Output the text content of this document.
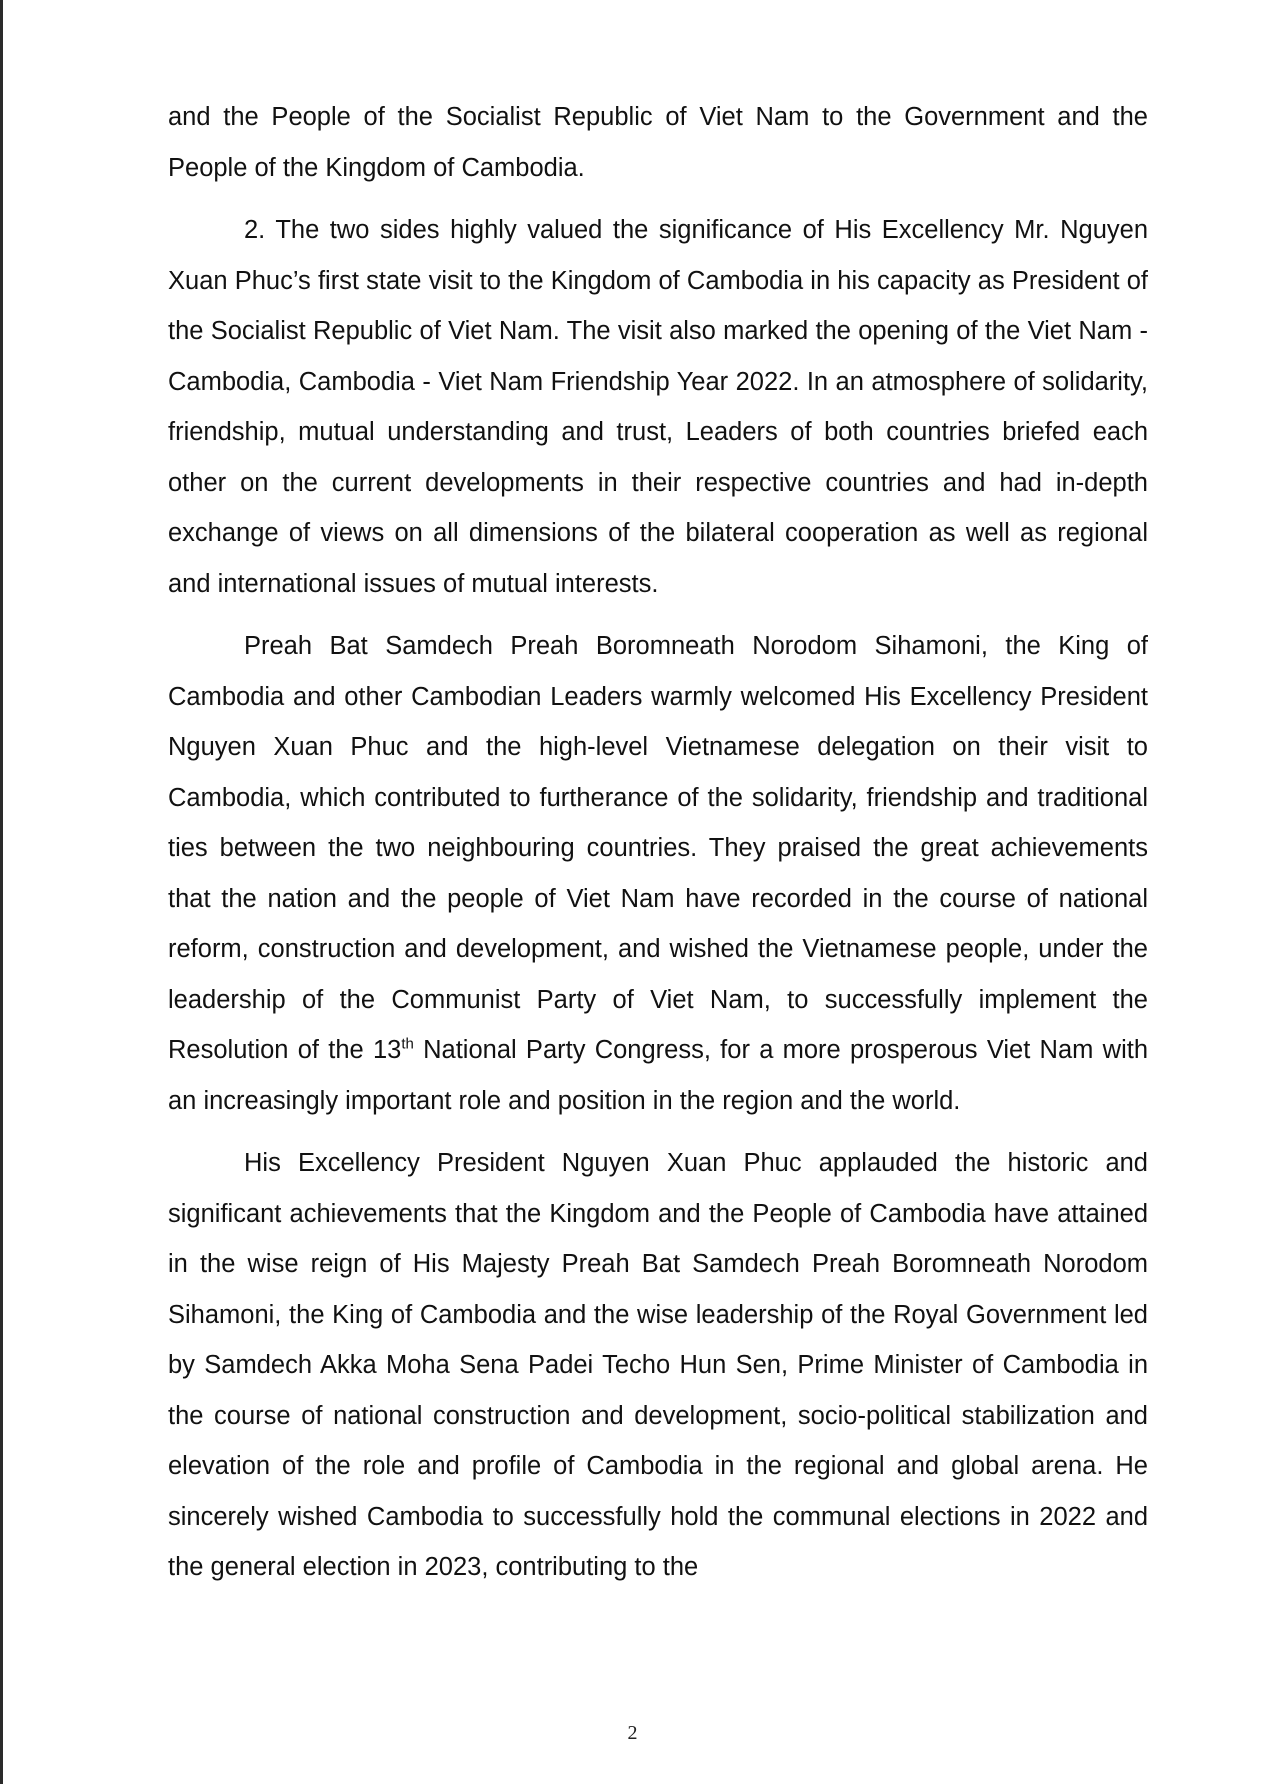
and the People of the Socialist Republic of Viet Nam to the Government and the People of the Kingdom of Cambodia.

2. The two sides highly valued the significance of His Excellency Mr. Nguyen Xuan Phuc’s first state visit to the Kingdom of Cambodia in his capacity as President of the Socialist Republic of Viet Nam. The visit also marked the opening of the Viet Nam - Cambodia, Cambodia - Viet Nam Friendship Year 2022. In an atmosphere of solidarity, friendship, mutual understanding and trust, Leaders of both countries briefed each other on the current developments in their respective countries and had in-depth exchange of views on all dimensions of the bilateral cooperation as well as regional and international issues of mutual interests.

Preah Bat Samdech Preah Boromneath Norodom Sihamoni, the King of Cambodia and other Cambodian Leaders warmly welcomed His Excellency President Nguyen Xuan Phuc and the high-level Vietnamese delegation on their visit to Cambodia, which contributed to furtherance of the solidarity, friendship and traditional ties between the two neighbouring countries. They praised the great achievements that the nation and the people of Viet Nam have recorded in the course of national reform, construction and development, and wished the Vietnamese people, under the leadership of the Communist Party of Viet Nam, to successfully implement the Resolution of the 13th National Party Congress, for a more prosperous Viet Nam with an increasingly important role and position in the region and the world.

His Excellency President Nguyen Xuan Phuc applauded the historic and significant achievements that the Kingdom and the People of Cambodia have attained in the wise reign of His Majesty Preah Bat Samdech Preah Boromneath Norodom Sihamoni, the King of Cambodia and the wise leadership of the Royal Government led by Samdech Akka Moha Sena Padei Techo Hun Sen, Prime Minister of Cambodia in the course of national construction and development, socio-political stabilization and elevation of the role and profile of Cambodia in the regional and global arena. He sincerely wished Cambodia to successfully hold the communal elections in 2022 and the general election in 2023, contributing to the

2
